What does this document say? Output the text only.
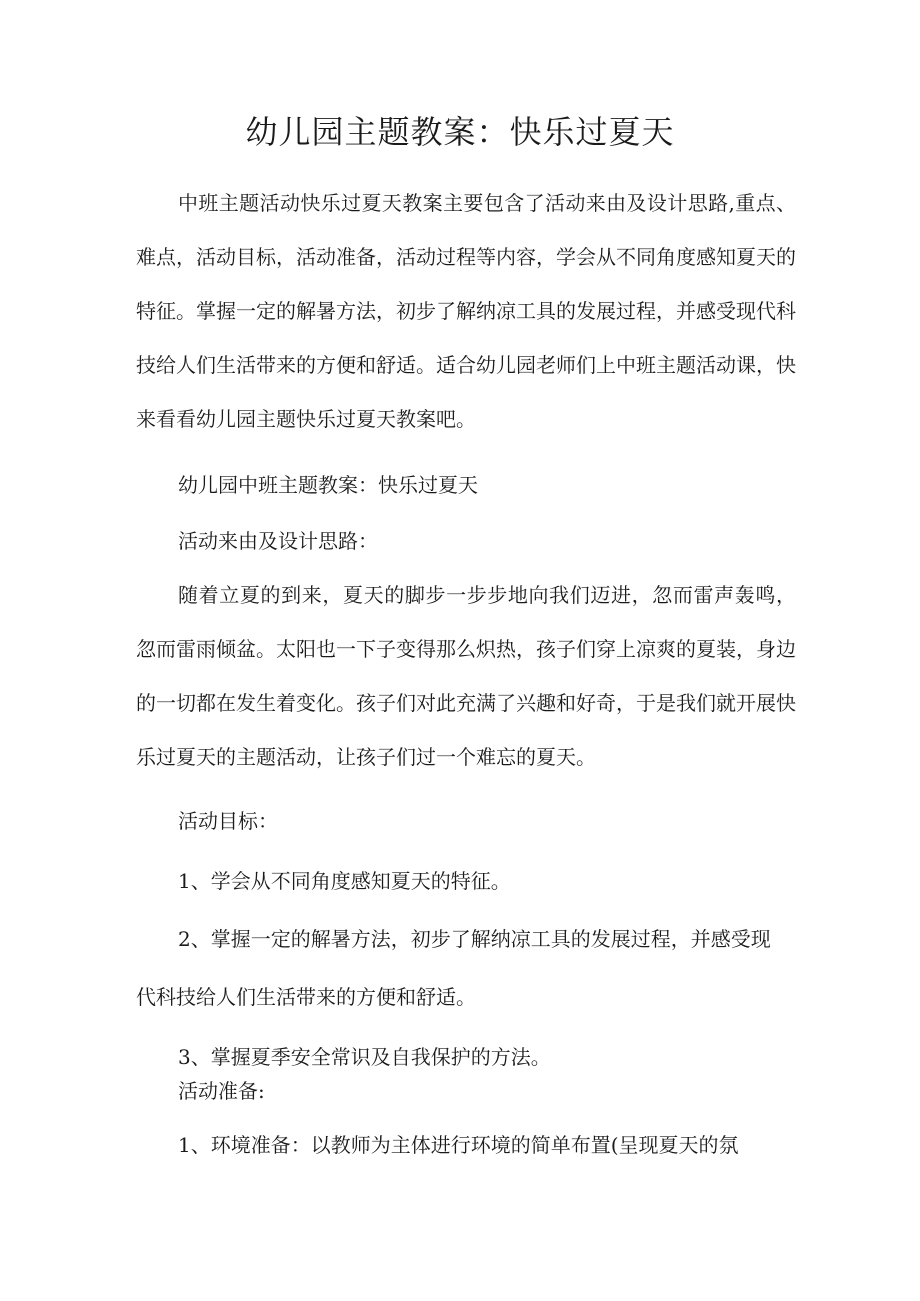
幼儿园主题教案：快乐过夏天

中班主题活动快乐过夏天教案主要包含了活动来由及设计思路,重点、难点，活动目标，活动准备，活动过程等内容，学会从不同角度感知夏天的特征。掌握一定的解暑方法，初步了解纳凉工具的发展过程，并感受现代科技给人们生活带来的方便和舒适。适合幼儿园老师们上中班主题活动课，快来看看幼儿园主题快乐过夏天教案吧。

幼儿园中班主题教案：快乐过夏天

活动来由及设计思路：

随着立夏的到来，夏天的脚步一步步地向我们迈进，忽而雷声轰鸣，忽而雷雨倾盆。太阳也一下子变得那么炽热，孩子们穿上凉爽的夏装，身边的一切都在发生着变化。孩子们对此充满了兴趣和好奇，于是我们就开展快乐过夏天的主题活动，让孩子们过一个难忘的夏天。

活动目标：

1、学会从不同角度感知夏天的特征。

2、掌握一定的解暑方法，初步了解纳凉工具的发展过程，并感受现

代科技给人们生活带来的方便和舒适。

3、掌握夏季安全常识及自我保护的方法。

活动准备:

1、环境准备：以教师为主体进行环境的简单布置(呈现夏天的氛
